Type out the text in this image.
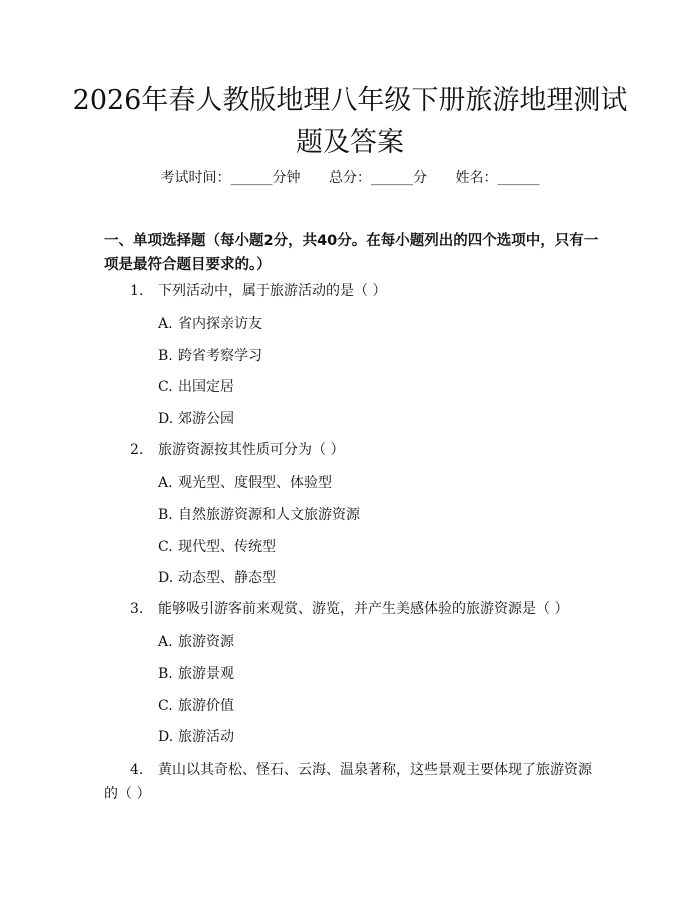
2026年春人教版地理八年级下册旅游地理测试题及答案
考试时间：______分钟 总分：______分 姓名：______
一、单项选择题（每小题2分，共40分。在每小题列出的四个选项中，只有一项是最符合题目要求的。）
1. 下列活动中，属于旅游活动的是（ ）
A. 省内探亲访友
B. 跨省考察学习
C. 出国定居
D. 郊游公园
2. 旅游资源按其性质可分为（ ）
A. 观光型、度假型、体验型
B. 自然旅游资源和人文旅游资源
C. 现代型、传统型
D. 动态型、静态型
3. 能够吸引游客前来观赏、游览，并产生美感体验的旅游资源是（ ）
A. 旅游资源
B. 旅游景观
C. 旅游价值
D. 旅游活动
4. 黄山以其奇松、怪石、云海、温泉著称，这些景观主要体现了旅游资源的（ ）
